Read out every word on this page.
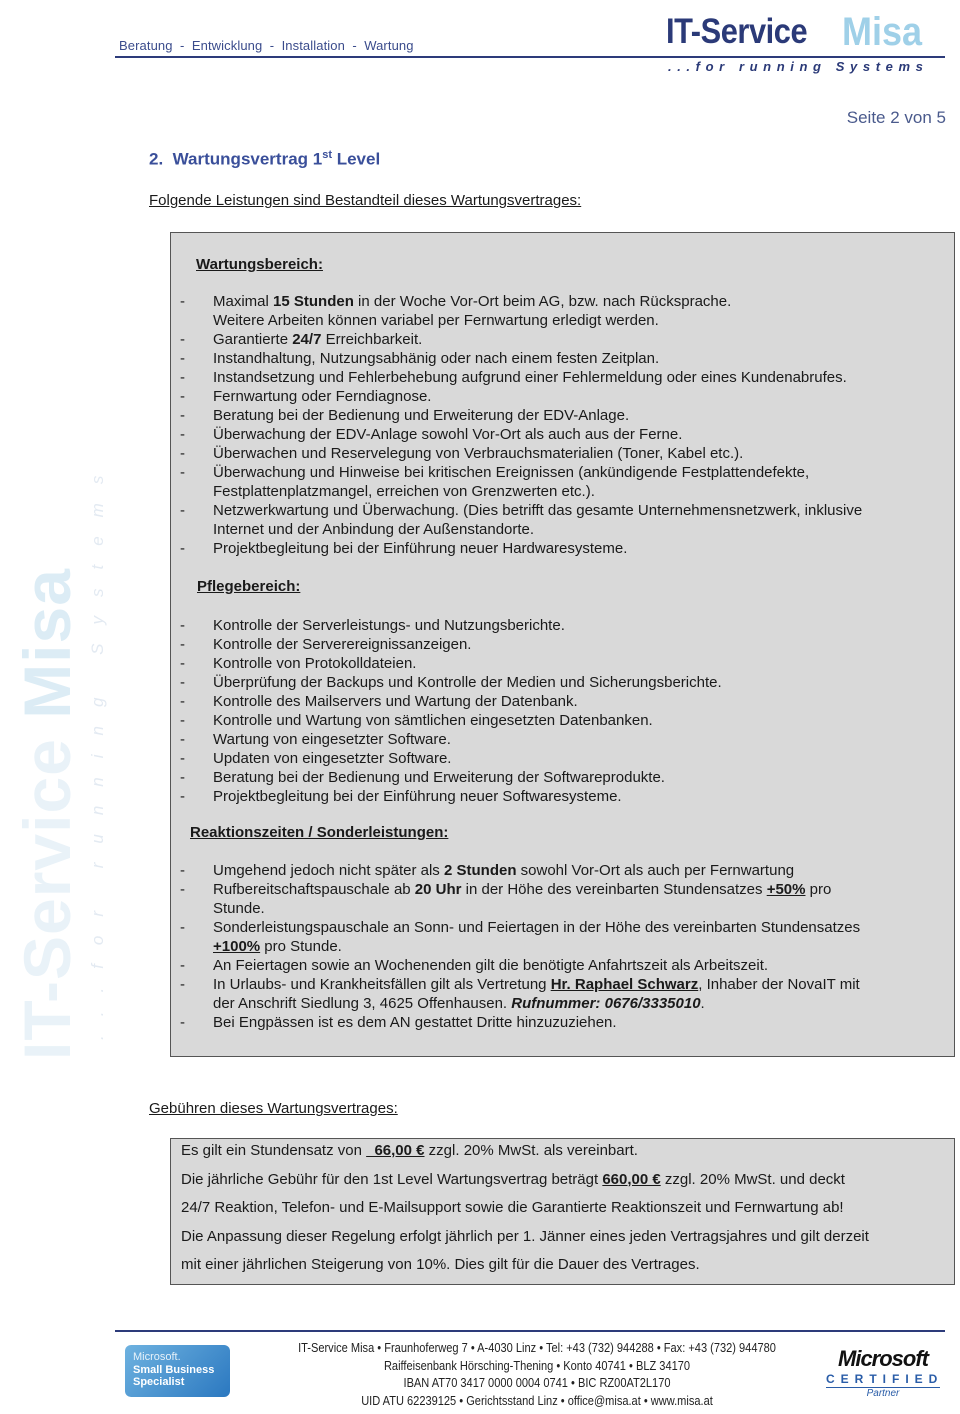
IT-Service Misa ...for running Systems
Beratung  -  Entwicklung  -  Installation  -  Wartung	IT-Service Misa
...for running Systems
Seite 2 von 5
2. Wartungsvertrag 1st Level
Folgende Leistungen sind Bestandteil dieses Wartungsvertrages:
Wartungsbereich:
- Maximal 15 Stunden in der Woche Vor-Ort beim AG, bzw. nach Rücksprache.
Weitere Arbeiten können variabel per Fernwartung erledigt werden.
- Garantierte 24/7 Erreichbarkeit.
- Instandhaltung, Nutzungsabhänig oder nach einem festen Zeitplan.
- Instandsetzung und Fehlerbehebung aufgrund einer Fehlermeldung oder eines Kundenabrufes.
- Fernwartung oder Ferndiagnose.
- Beratung bei der Bedienung und Erweiterung der EDV-Anlage.
- Überwachung der EDV-Anlage sowohl Vor-Ort als auch aus der Ferne.
- Überwachen und Reservelegung von Verbrauchsmaterialien (Toner, Kabel etc.).
- Überwachung und Hinweise bei kritischen Ereignissen (ankündigende Festplattendefekte,
Festplattenplatzmangel, erreichen von Grenzwerten etc.).
- Netzwerkwartung und Überwachung. (Dies betrifft das gesamte Unternehmensnetzwerk, inklusive
Internet und der Anbindung der Außenstandorte.
- Projektbegleitung bei der Einführung neuer Hardwaresysteme.
Pflegebereich:
- Kontrolle der Serverleistungs- und Nutzungsberichte.
- Kontrolle der Serverereignissanzeigen.
- Kontrolle von Protokolldateien.
- Überprüfung der Backups und Kontrolle der Medien und Sicherungsberichte.
- Kontrolle des Mailservers und Wartung der Datenbank.
- Kontrolle und Wartung von sämtlichen eingesetzten Datenbanken.
- Wartung von eingesetzter Software.
- Updaten von eingesetzter Software.
- Beratung bei der Bedienung und Erweiterung der Softwareprodukte.
- Projektbegleitung bei der Einführung neuer Softwaresysteme.
Reaktionszeiten / Sonderleistungen:
- Umgehend jedoch nicht später als 2 Stunden sowohl Vor-Ort als auch per Fernwartung
- Rufbereitschaftspauschale ab 20 Uhr in der Höhe des vereinbarten Stundensatzes +50% pro
Stunde.
- Sonderleistungspauschale an Sonn- und Feiertagen in der Höhe des vereinbarten Stundensatzes
+100% pro Stunde.
- An Feiertagen sowie an Wochenenden gilt die benötigte Anfahrtszeit als Arbeitszeit.
- In Urlaubs- und Krankheitsfällen gilt als Vertretung Hr. Raphael Schwarz, Inhaber der NovaIT mit
der Anschrift Siedlung 3, 4625 Offenhausen. Rufnummer: 0676/3335010.
- Bei Engpässen ist es dem AN gestattet Dritte hinzuzuziehen.
Gebühren dieses Wartungsvertrages:
Es gilt ein Stundensatz von   66,00 € zzgl. 20% MwSt. als vereinbart.
Die jährliche Gebühr für den 1st Level Wartungsvertrag beträgt 660,00 € zzgl. 20% MwSt. und deckt
24/7 Reaktion, Telefon- und E-Mailsupport sowie die Garantierte Reaktionszeit und Fernwartung ab!
Die Anpassung dieser Regelung erfolgt jährlich per 1. Jänner eines jeden Vertragsjahres und gilt derzeit
mit einer jährlichen Steigerung von 10%. Dies gilt für die Dauer des Vertrages.
Microsoft.
Small Business
Specialist
IT-Service Misa • Fraunhoferweg 7 • A-4030 Linz • Tel: +43 (732) 944288 • Fax: +43 (732) 944780
Raiffeisenbank Hörsching-Thening • Konto 40741 • BLZ 34170
IBAN AT70 3417 0000 0004 0741 • BIC RZ00AT2L170
UID ATU 62239125 • Gerichtsstand Linz • office@misa.at • www.misa.at
Microsoft
CERTIFIED
Partner
